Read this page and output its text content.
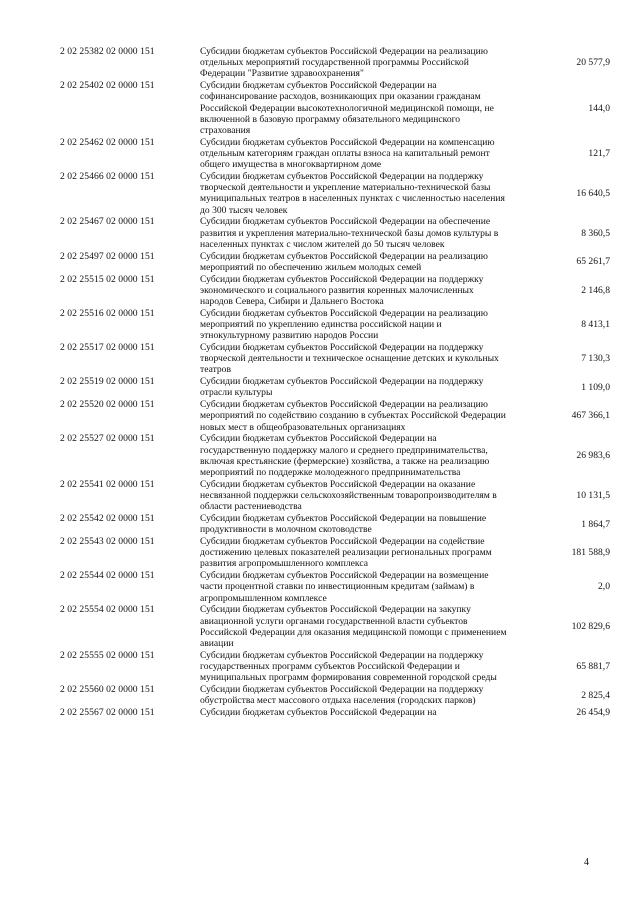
2 02 25382 02 0000 151	Субсидии бюджетам субъектов Российской Федерации на реализацию отдельных мероприятий государственной программы Российской Федерации "Развитие здравоохранения"	20 577,9
2 02 25402 02 0000 151	Субсидии бюджетам субъектов Российской Федерации на софинансирование расходов, возникающих при оказании гражданам Российской Федерации высокотехнологичной медицинской помощи, не включенной в базовую программу обязательного медицинского страхования	144,0
2 02 25462 02 0000 151	Субсидии бюджетам субъектов Российской Федерации на компенсацию отдельным категориям граждан оплаты взноса на капитальный ремонт общего имущества в многоквартирном доме	121,7
2 02 25466 02 0000 151	Субсидии бюджетам субъектов Российской Федерации на поддержку творческой деятельности и укрепление материально-технической базы муниципальных театров в населенных пунктах с численностью населения до 300 тысяч человек	16 640,5
2 02 25467 02 0000 151	Субсидии бюджетам субъектов Российской Федерации на обеспечение развития и укрепления материально-технической базы домов культуры в населенных пунктах с числом жителей до 50 тысяч человек	8 360,5
2 02 25497 02 0000 151	Субсидии бюджетам субъектов Российской Федерации на реализацию мероприятий по обеспечению жильем молодых семей	65 261,7
2 02 25515 02 0000 151	Субсидии бюджетам субъектов Российской Федерации на поддержку экономического и социального развития коренных малочисленных народов Севера, Сибири и Дальнего Востока	2 146,8
2 02 25516 02 0000 151	Субсидии бюджетам субъектов Российской Федерации на реализацию мероприятий по укреплению единства российской нации и этнокультурному развитию народов России	8 413,1
2 02 25517 02 0000 151	Субсидии бюджетам субъектов Российской Федерации на поддержку творческой деятельности и техническое оснащение детских и кукольных театров	7 130,3
2 02 25519 02 0000 151	Субсидии бюджетам субъектов Российской Федерации на поддержку отрасли культуры	1 109,0
2 02 25520 02 0000 151	Субсидии бюджетам субъектов Российской Федерации на реализацию мероприятий по содействию созданию в субъектах Российской Федерации новых мест в общеобразовательных организациях	467 366,1
2 02 25527 02 0000 151	Субсидии бюджетам субъектов Российской Федерации на государственную поддержку малого и среднего предпринимательства, включая крестьянские (фермерские) хозяйства, а также на реализацию мероприятий по поддержке молодежного предпринимательства	26 983,6
2 02 25541 02 0000 151	Субсидии бюджетам субъектов Российской Федерации на оказание несвязанной поддержки сельскохозяйственным товаропроизводителям в области растениеводства	10 131,5
2 02 25542 02 0000 151	Субсидии бюджетам субъектов Российской Федерации на повышение продуктивности в молочном скотоводстве	1 864,7
2 02 25543 02 0000 151	Субсидии бюджетам субъектов Российской Федерации на содействие достижению целевых показателей реализации региональных программ развития агропромышленного комплекса	181 588,9
2 02 25544 02 0000 151	Субсидии бюджетам субъектов Российской Федерации на возмещение части процентной ставки по инвестиционным кредитам (займам) в агропромышленном комплексе	2,0
2 02 25554 02 0000 151	Субсидии бюджетам субъектов Российской Федерации на закупку авиационной услуги органами государственной власти субъектов Российской Федерации для оказания медицинской помощи с применением авиации	102 829,6
2 02 25555 02 0000 151	Субсидии бюджетам субъектов Российской Федерации на поддержку государственных программ субъектов Российской Федерации и муниципальных программ формирования современной городской среды	65 881,7
2 02 25560 02 0000 151	Субсидии бюджетам субъектов Российской Федерации на поддержку обустройства мест массового отдыха населения (городских парков)	2 825,4
2 02 25567 02 0000 151	Субсидии бюджетам субъектов Российской Федерации на	26 454,9
4
